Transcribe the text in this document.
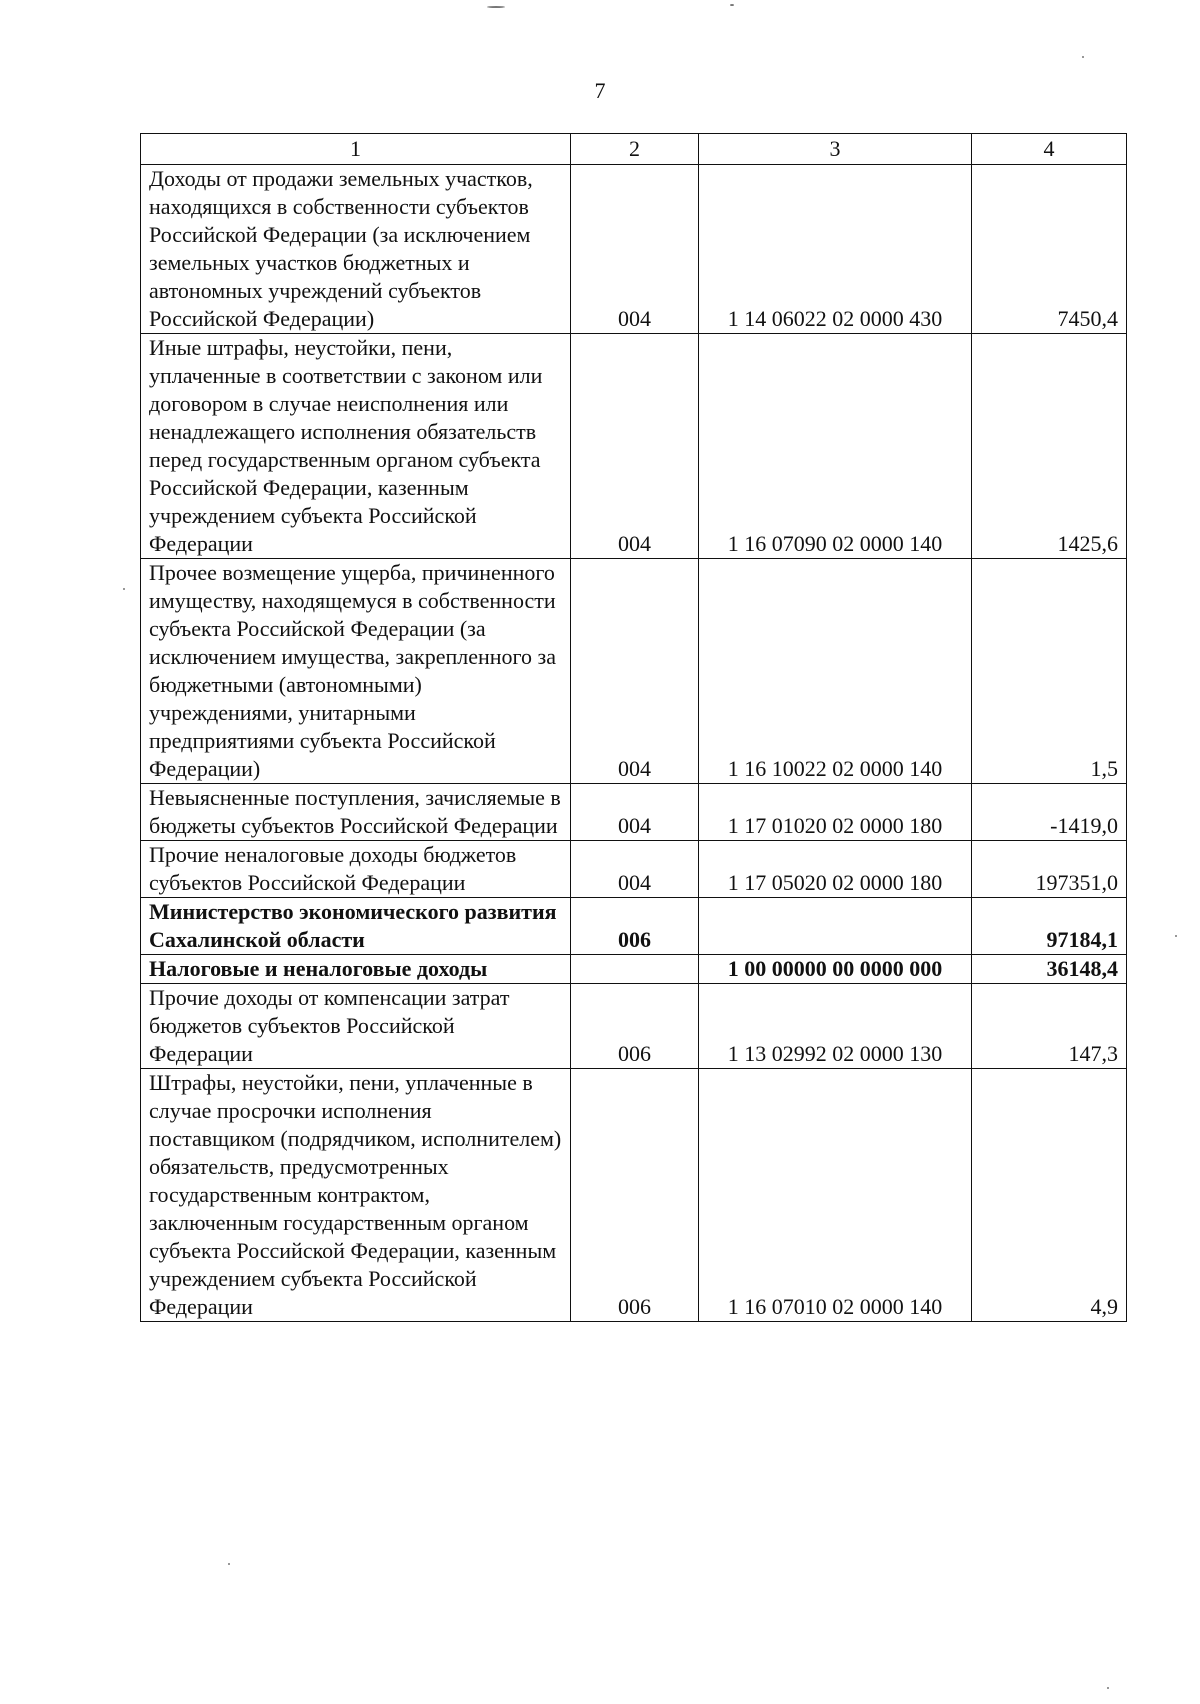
7
1	2	3	4
Доходы от продажи земельных участков, находящихся в собственности субъектов Российской Федерации (за исключением земельных участков бюджетных и автономных учреждений субъектов Российской Федерации)	004	1 14 06022 02 0000 430	7450,4
Иные штрафы, неустойки, пени, уплаченные в соответствии с законом или договором в случае неисполнения или ненадлежащего исполнения обязательств перед государственным органом субъекта Российской Федерации, казенным учреждением субъекта Российской Федерации	004	1 16 07090 02 0000 140	1425,6
Прочее возмещение ущерба, причиненного имуществу, находящемуся в собственности субъекта Российской Федерации (за исключением имущества, закрепленного за бюджетными (автономными) учреждениями, унитарными предприятиями субъекта Российской Федерации)	004	1 16 10022 02 0000 140	1,5
Невыясненные поступления, зачисляемые в бюджеты субъектов Российской Федерации	004	1 17 01020 02 0000 180	-1419,0
Прочие неналоговые доходы бюджетов субъектов Российской Федерации	004	1 17 05020 02 0000 180	197351,0
Министерство экономического развития Сахалинской области	006		97184,1
Налоговые и неналоговые доходы		1 00 00000 00 0000 000	36148,4
Прочие доходы от компенсации затрат бюджетов субъектов Российской Федерации	006	1 13 02992 02 0000 130	147,3
Штрафы, неустойки, пени, уплаченные в случае просрочки исполнения поставщиком (подрядчиком, исполнителем) обязательств, предусмотренных государственным контрактом, заключенным государственным органом субъекта Российской Федерации, казенным учреждением субъекта Российской Федерации	006	1 16 07010 02 0000 140	4,9
